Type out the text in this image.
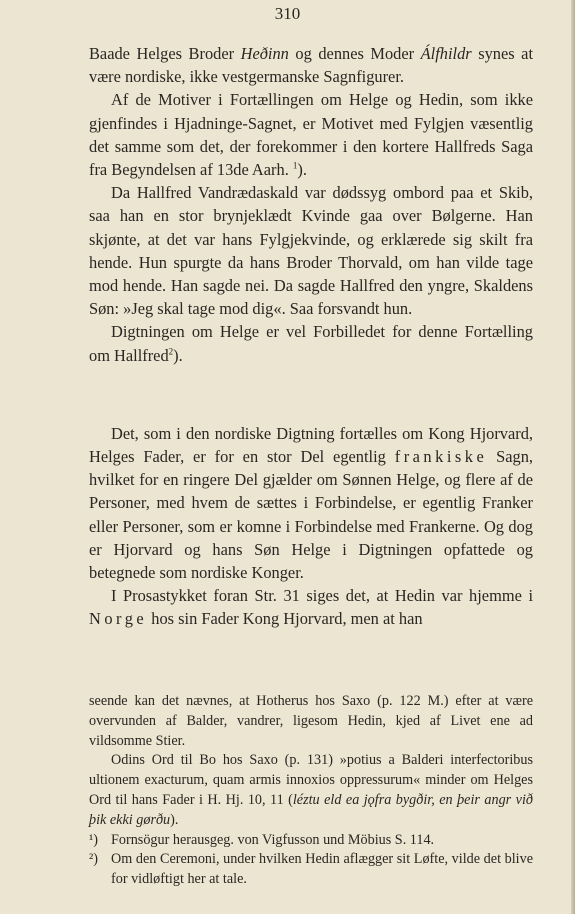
310

Baade Helges Broder Heðinn og dennes Moder Álfhildr synes at være nordiske, ikke vestgermanske Sagnfigurer.

Af de Motiver i Fortællingen om Helge og Hedin, som ikke gjenfindes i Hjadninge-Sagnet, er Motivet med Fylgjen væsentlig det samme som det, der forekommer i den kortere Hallfreds Saga fra Begyndelsen af 13de Aarh. $^1$).

Da Hallfred Vandrædaskald var dødssyg ombord paa et Skib, saa han en stor brynjeklædt Kvinde gaa over Bølgerne. Han skjønte, at det var hans Fylgjekvinde, og erklærede sig skilt fra hende. Hun spurgte da hans Broder Thorvald, om han vilde tage mod hende. Han sagde nei. Da sagde Hallfred den yngre, Skaldens Søn: »Jeg skal tage mod dig«. Saa forsvandt hun.

Digtningen om Helge er vel Forbilledet for denne Fortælling om Hallfred$^2$).

Det, som i den nordiske Digtning fortælles om Kong Hjorvard, Helges Fader, er for en stor Del egentlig frankiske Sagn, hvilket for en ringere Del gjælder om Sønnen Helge, og flere af de Personer, med hvem de sættes i Forbindelse, er egentlig Franker eller Personer, som er komne i Forbindelse med Frankerne. Og dog er Hjorvard og hans Søn Helge i Digtningen opfattede og betegnede som nordiske Konger.

I Prosastykket foran Str. 31 siges det, at Hedin var hjemme i Norge hos sin Fader Kong Hjorvard, men at han

seende kan det nævnes, at Hotherus hos Saxo (p. 122 M.) efter at være overvunden af Balder, vandrer, ligesom Hedin, kjed af Livet ene ad vildsomme Stier.

Odins Ord til Bo hos Saxo (p. 131) »potius a Balderi interfectoribus ultionem exacturum, quam armis innoxios oppressurum« minder om Helges Ord til hans Fader i H. Hj. 10, 11 (léztu eld ea jǫfra bygðir, en þeir angr við þik ekki gørðu).

¹) Fornsögur herausgeg. von Vigfusson und Möbius S. 114.
²) Om den Ceremoni, under hvilken Hedin aflægger sit Løfte, vilde det blive for vidløftigt her at tale.
